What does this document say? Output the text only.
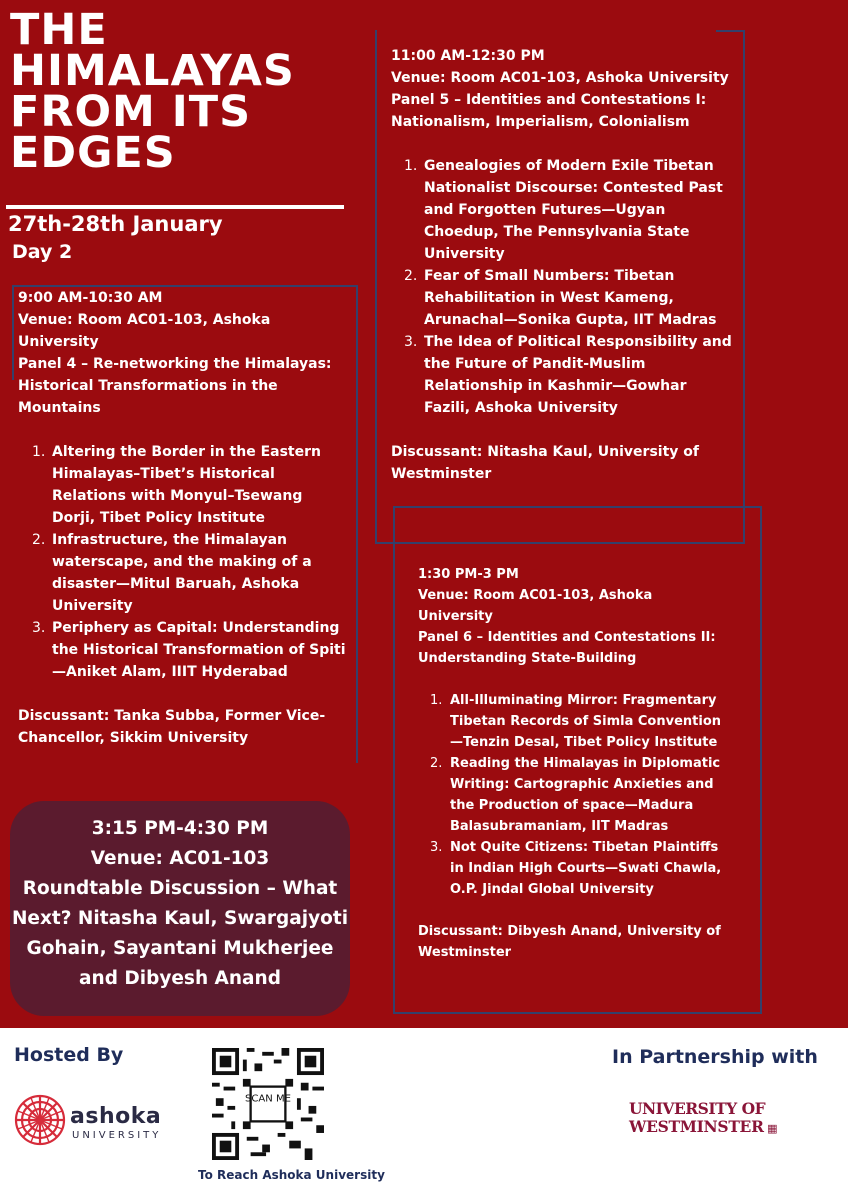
THE
HIMALAYAS
FROM ITS
EDGES
27th-28th January
Day 2
9:00 AM-10:30 AM
Venue: Room AC01-103, Ashoka University
Panel 4 – Re-networking the Himalayas: Historical Transformations in the Mountains
1. Altering the Border in the Eastern Himalayas–Tibet’s Historical Relations with Monyul–Tsewang Dorji, Tibet Policy Institute
2. Infrastructure, the Himalayan waterscape, and the making of a disaster—Mitul Baruah, Ashoka University
3. Periphery as Capital: Understanding the Historical Transformation of Spiti—Aniket Alam, IIIT Hyderabad
Discussant: Tanka Subba, Former Vice-Chancellor, Sikkim University
11:00 AM-12:30 PM
Venue: Room AC01-103, Ashoka University
Panel 5 – Identities and Contestations I: Nationalism, Imperialism, Colonialism
1. Genealogies of Modern Exile Tibetan Nationalist Discourse: Contested Past and Forgotten Futures—Ugyan Choedup, The Pennsylvania State University
2. Fear of Small Numbers: Tibetan Rehabilitation in West Kameng, Arunachal—Sonika Gupta, IIT Madras
3. The Idea of Political Responsibility and the Future of Pandit-Muslim Relationship in Kashmir—Gowhar Fazili, Ashoka University
Discussant: Nitasha Kaul, University of Westminster
1:30 PM-3 PM
Venue: Room AC01-103, Ashoka University
Panel 6 – Identities and Contestations II: Understanding State-Building
1. All-Illuminating Mirror: Fragmentary Tibetan Records of Simla Convention—Tenzin Desal, Tibet Policy Institute
2. Reading the Himalayas in Diplomatic Writing: Cartographic Anxieties and the Production of space—Madura Balasubramaniam, IIT Madras
3. Not Quite Citizens: Tibetan Plaintiffs in Indian High Courts—Swati Chawla, O.P. Jindal Global University
Discussant: Dibyesh Anand, University of Westminster
3:15 PM-4:30 PM
Venue: AC01-103
Roundtable Discussion – What Next? Nitasha Kaul, Swargajyoti Gohain, Sayantani Mukherjee and Dibyesh Anand
Hosted By
ashoka
UNIVERSITY
SCAN ME
To Reach Ashoka University
In Partnership with
UNIVERSITY OF
WESTMINSTER ▦
